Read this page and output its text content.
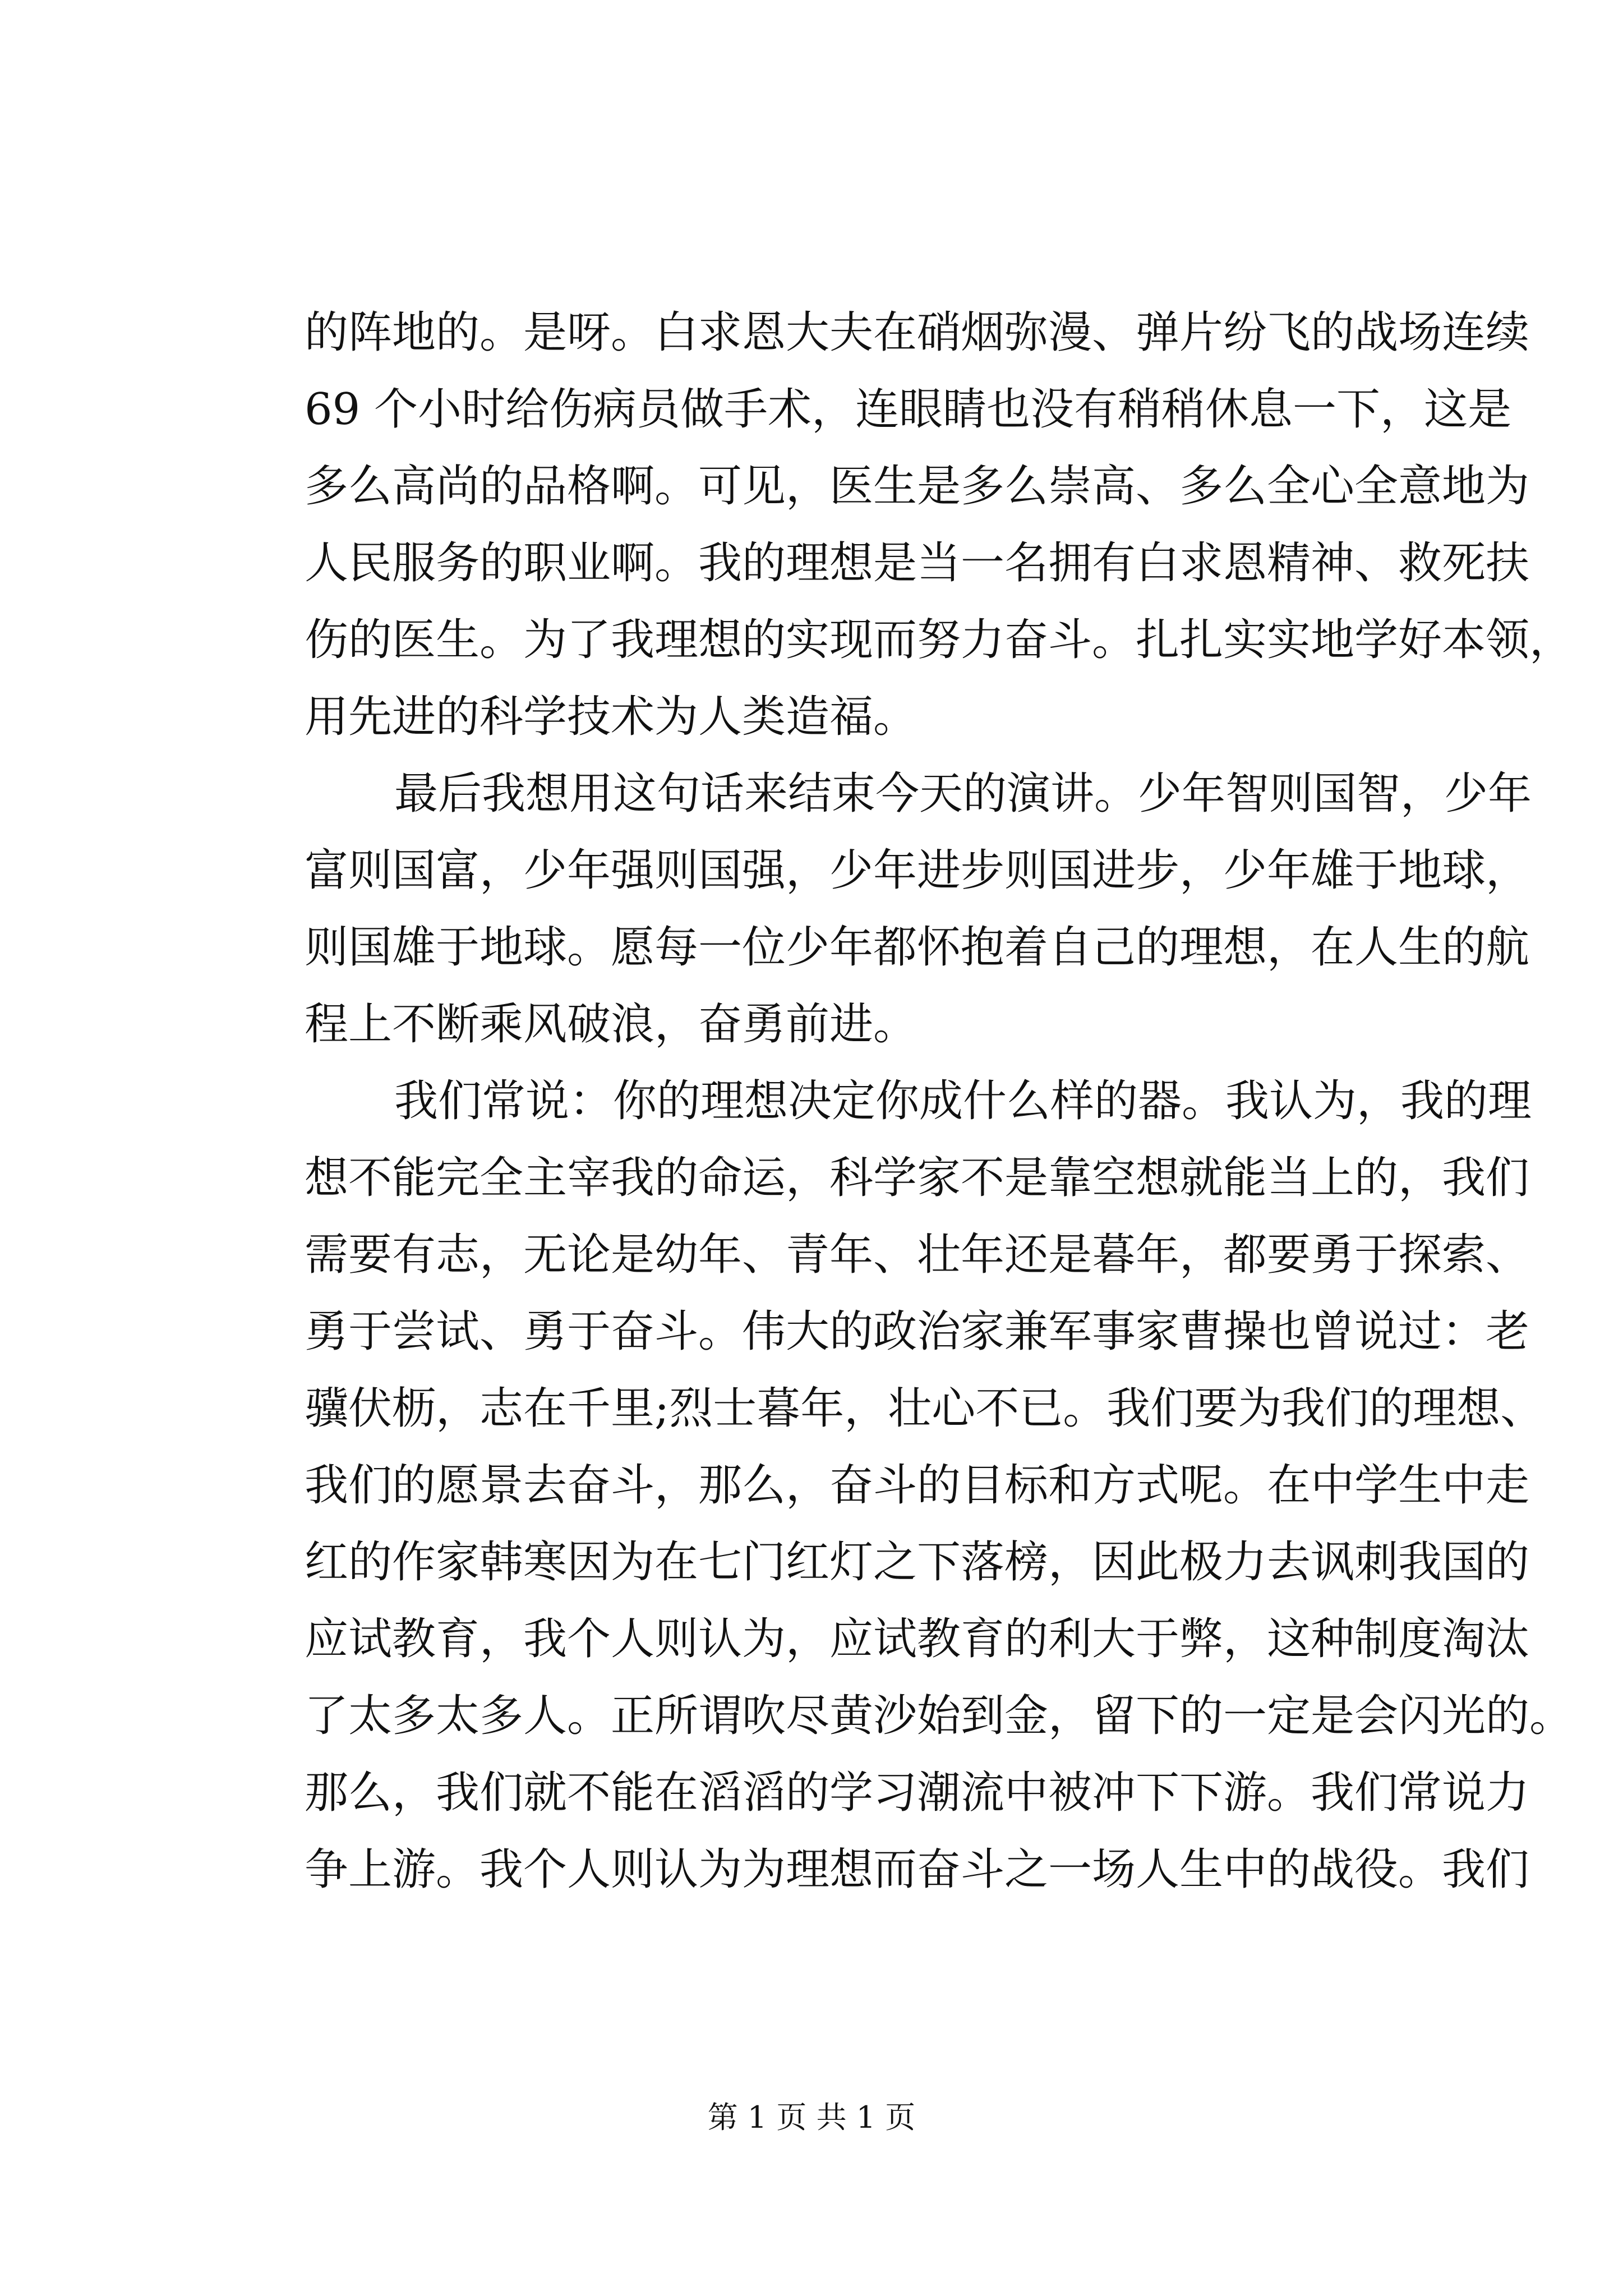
的阵地的。是呀。白求恩大夫在硝烟弥漫、弹片纷飞的战场连续
69 个小时给伤病员做手术，连眼睛也没有稍稍休息一下，这是
多么高尚的品格啊。可见，医生是多么崇高、多么全心全意地为
人民服务的职业啊。我的理想是当一名拥有白求恩精神、救死扶
伤的医生。为了我理想的实现而努力奋斗。扎扎实实地学好本领，
用先进的科学技术为人类造福。
最后我想用这句话来结束今天的演讲。少年智则国智，少年
富则国富，少年强则国强，少年进步则国进步，少年雄于地球，
则国雄于地球。愿每一位少年都怀抱着自己的理想，在人生的航
程上不断乘风破浪，奋勇前进。
我们常说：你的理想决定你成什么样的器。我认为，我的理
想不能完全主宰我的命运，科学家不是靠空想就能当上的，我们
需要有志，无论是幼年、青年、壮年还是暮年，都要勇于探索、
勇于尝试、勇于奋斗。伟大的政治家兼军事家曹操也曾说过：老
骥伏枥，志在千里;烈士暮年，壮心不已。我们要为我们的理想、
我们的愿景去奋斗，那么，奋斗的目标和方式呢。在中学生中走
红的作家韩寒因为在七门红灯之下落榜，因此极力去讽刺我国的
应试教育，我个人则认为，应试教育的利大于弊，这种制度淘汰
了太多太多人。正所谓吹尽黄沙始到金，留下的一定是会闪光的。
那么，我们就不能在滔滔的学习潮流中被冲下下游。我们常说力
争上游。我个人则认为为理想而奋斗之一场人生中的战役。我们
第 1 页 共 1 页
